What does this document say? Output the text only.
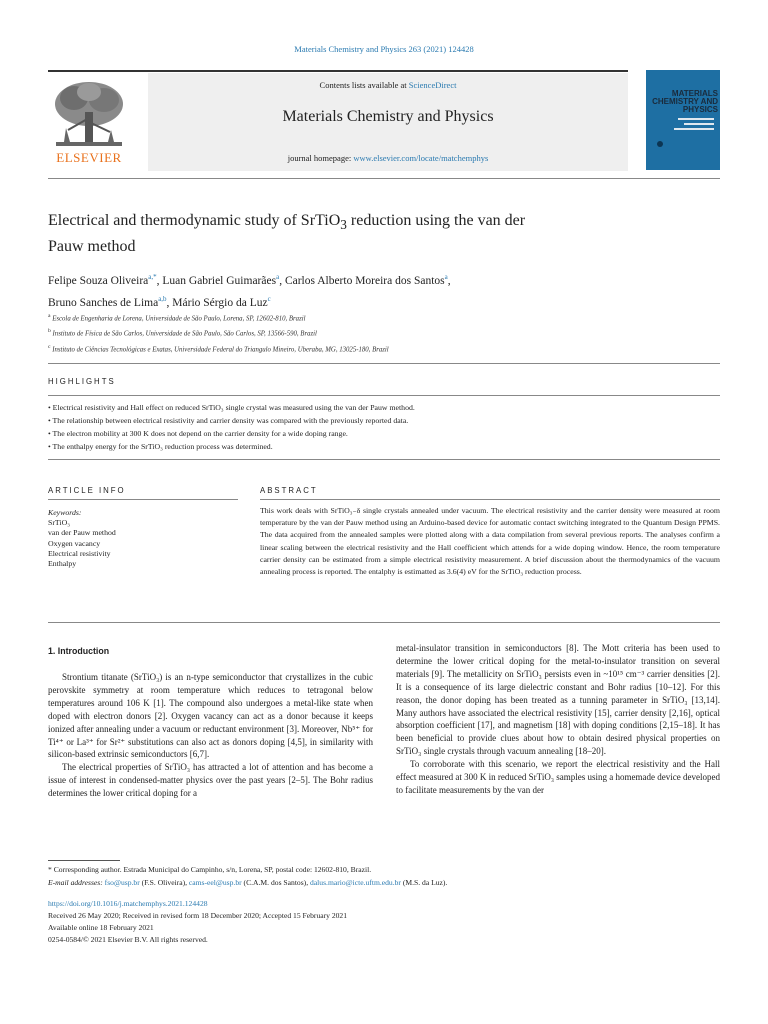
Materials Chemistry and Physics 263 (2021) 124428
ELSEVIER
Contents lists available at ScienceDirect
Materials Chemistry and Physics
journal homepage: www.elsevier.com/locate/matchemphys
MATERIALS CHEMISTRY AND PHYSICS
Electrical and thermodynamic study of SrTiO$_3$ reduction using the van der
Pauw method
Felipe Souza Oliveira$^{a,*}$, Luan Gabriel Guimarães$^a$, Carlos Alberto Moreira dos Santos$^a$,
Bruno Sanches de Lima$^{a,b}$, Mário Sérgio da Luz$^c$
$^a$ Escola de Engenharia de Lorena, Universidade de São Paulo, Lorena, SP, 12602-810, Brazil
$^b$ Instituto de Física de São Carlos, Universidade de São Paulo, São Carlos, SP, 13566-590, Brazil
$^c$ Instituto de Ciências Tecnológicas e Exatas, Universidade Federal do Triangulo Mineiro, Uberaba, MG, 13025-180, Brazil
HIGHLIGHTS

• Electrical resistivity and Hall effect on reduced SrTiO₃ single crystal was measured using the van der Pauw method.

• The relationship between electrical resistivity and carrier density was compared with the previously reported data.

• The electron mobility at 300 K does not depend on the carrier density for a wide doping range.

• The enthalpy energy for the SrTiO₃ reduction process was determined.

ARTICLE INFO	ABSTRACT
Keywords:
SrTiO₃
van der Pauw method
Oxygen vacancy
Electrical resistivity
Enthalpy
This work deals with SrTiO₃₋δ single crystals annealed under vacuum. The electrical resistivity and the carrier density were measured at room temperature by the van der Pauw method using an Arduino-based device for automatic contact switching integrated to the Quantum Design PPMS. The data acquired from the annealed samples were plotted along with a data compilation from several previous reports. The analyses confirm a linear scaling between the electrical resistivity and the Hall coefficient which attends for a wide doping window. Hence, the room temperature carrier density can be estimated from a simple electrical resistivity measurement. A brief discussion about the thermodynamics of the vacuum annealing process is reported. The entalphy is estimatted as 3.6(4) eV for the SrTiO₃ reduction process.
1. Introduction

Strontium titanate (SrTiO₃) is an n-type semiconductor that crystallizes in the cubic perovskite symmetry at room temperature which reduces to tetragonal below temperatures around 106 K [1]. The compound also undergoes a metal-like state when doped with electron donors [2]. Oxygen vacancy can act as a donor because it keeps ionized after annealing under a vacuum or reductant environment [3]. Moreover, Nb⁵⁺ for Ti⁴⁺ or La³⁺ for Sr²⁺ substitutions can also act as donors doping [4,5], in similarity with silicon-based extrinsic semiconductors [6,7].

The electrical properties of SrTiO₃ has attracted a lot of attention and has become a issue of interest in condensed-matter physics over the past years [2–5]. The Bohr radius determines the lower critical doping for a

metal-insulator transition in semiconductors [8]. The Mott criteria has been used to determine the lower critical doping for the metal-to-insulator transition on several materials [9]. The metallicity on SrTiO₃ persists even in ~10¹⁵ cm⁻³ carrier densities [2]. It is a consequence of its large dielectric constant and Bohr radius [10–12]. For this reason, the donor doping has been treated as a tunning parameter in SrTiO₃ [13,14]. Many authors have associated the electrical resistivity [15], carrier density [2,16], optical absorption coefficient [17], and magnetism [18] with doping conditions [2,15–18]. It has been beneficial to provide clues about how to obtain desired physical properties on SrTiO₃ single crystals through vacuum annealing [18–20].

To corroborate with this scenario, we report the electrical resistivity and the Hall effect measured at 300 K in reduced SrTiO₃ samples using a homemade device developed to facilitate measurements by the van der

* Corresponding author. Estrada Municipal do Campinho, s/n, Lorena, SP, postal code: 12602-810, Brazil.

E-mail addresses: fso@usp.br (F.S. Oliveira), cams-eel@usp.br (C.A.M. dos Santos), dalus.mario@icte.uftm.edu.br (M.S. da Luz).

https://doi.org/10.1016/j.matchemphys.2021.124428

Received 26 May 2020; Received in revised form 18 December 2020; Accepted 15 February 2021

Available online 18 February 2021

0254-0584/© 2021 Elsevier B.V. All rights reserved.
